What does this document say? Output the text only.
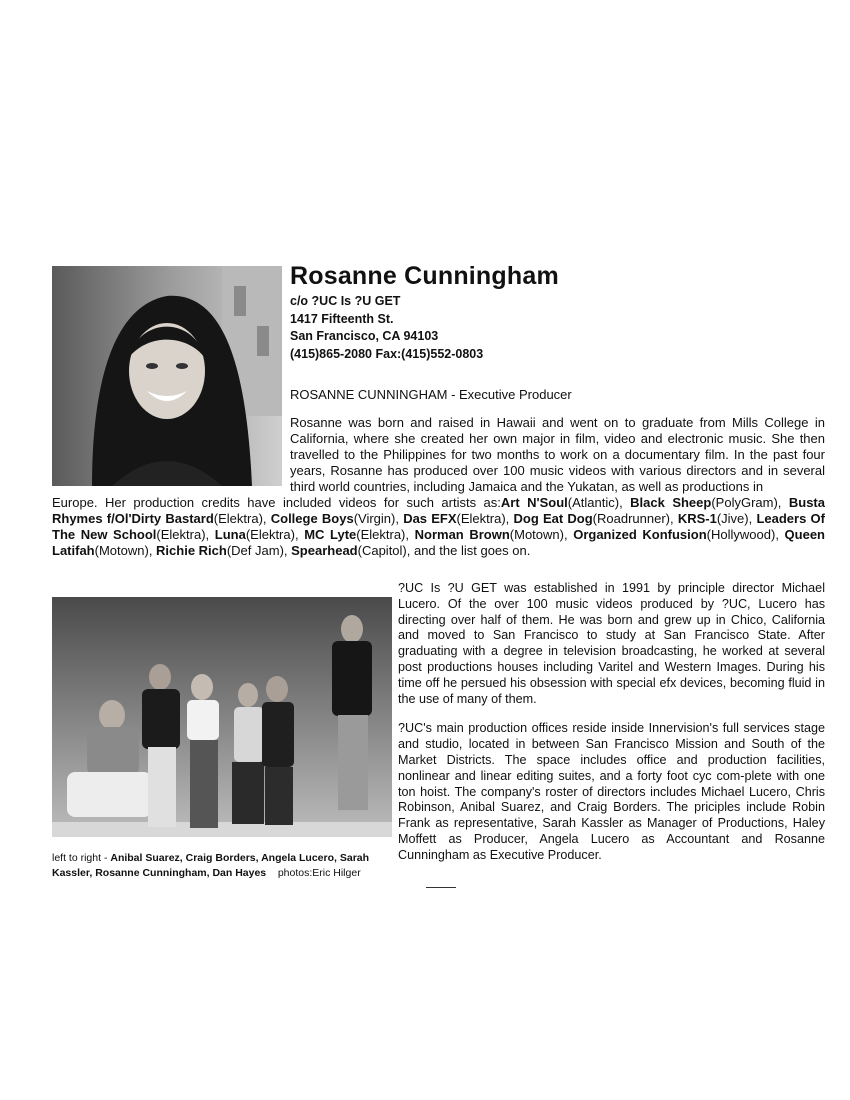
Rosanne Cunningham
c/o ?UC Is ?U GET
1417 Fifteenth St.
San Francisco, CA 94103
(415)865-2080 Fax:(415)552-0803
ROSANNE CUNNINGHAM - Executive Producer
Rosanne was born and raised in Hawaii and went on to graduate from Mills College in California, where she created her own major in film, video and electronic music. She then travelled to the Philippines for two months to work on a documentary film. In the past four years, Rosanne has produced over 100 music videos with various directors and in several third world countries, including Jamaica and the Yukatan, as well as productions in
Europe. Her production credits have included videos for such artists as:Art N'Soul(Atlantic), Black Sheep(PolyGram), Busta Rhymes f/Ol'Dirty Bastard(Elektra), College Boys(Virgin), Das EFX(Elektra), Dog Eat Dog(Roadrunner), KRS-1(Jive), Leaders Of The New School(Elektra), Luna(Elektra), MC Lyte(Elektra), Norman Brown(Motown), Organized Konfusion(Hollywood), Queen Latifah(Motown), Richie Rich(Def Jam), Spearhead(Capitol), and the list goes on.

?UC Is ?U GET was established in 1991 by principle director Michael Lucero. Of the over 100 music videos produced by ?UC, Lucero has directing over half of them. He was born and grew up in Chico, California and moved to San Francisco to study at San Francisco State. After graduating with a degree in television broadcasting, he worked at several post productions houses including Varitel and Western Images. During his time off he persued his obsession with special efx devices, becoming fluid in the use of many of them.

?UC's main production offices reside inside Innervision's full services stage and studio, located in between San Francisco Mission and South of the Market Districts. The space includes office and production facilities, nonlinear and linear editing suites, and a forty foot cyc com-plete with one ton hoist. The company's roster of directors includes Michael Lucero, Chris Robinson, Anibal Suarez, and Craig Borders. The priciples include Robin Frank as representative, Sarah Kassler as Manager of Productions, Haley Moffett as Producer, Angela Lucero as Accountant and Rosanne Cunningham as Executive Producer.

left to right - Anibal Suarez, Craig Borders, Angela Lucero, Sarah Kassler, Rosanne Cunningham, Dan Hayes photos:Eric Hilger
